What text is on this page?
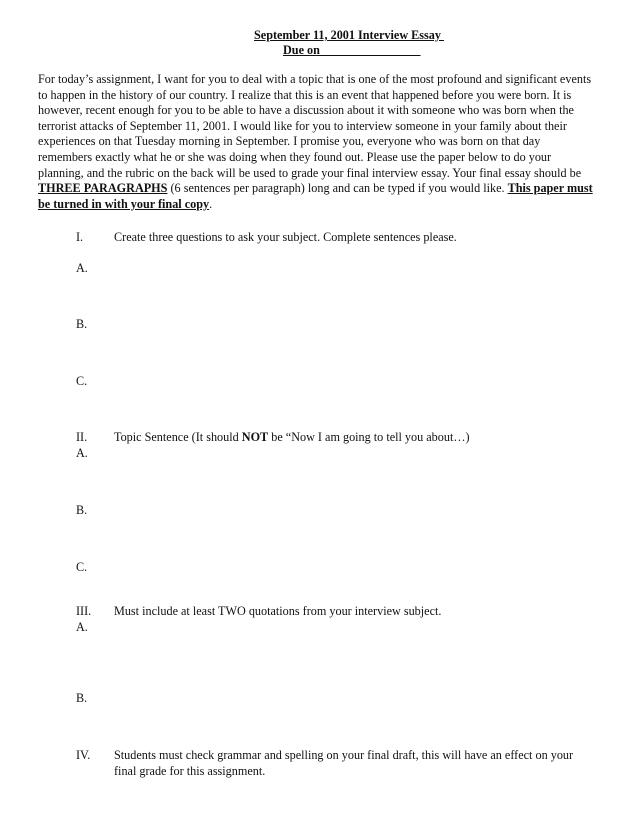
September 11, 2001 Interview Essay
Due on ________________
For today’s assignment, I want for you to deal with a topic that is one of the most profound and significant events
to happen in the history of our country. I realize that this is an event that happened before you were born. It is
however, recent enough for you to be able to have a discussion about it with someone who was born when the
terrorist attacks of September 11, 2001. I would like for you to interview someone in your family about their
experiences on that Tuesday morning in September. I promise you, everyone who was born on that day
remembers exactly what he or she was doing when they found out. Please use the paper below to do your
planning, and the rubric on the back will be used to grade your final interview essay. Your final essay should be
THREE PARAGRAPHS (6 sentences per paragraph) long and can be typed if you would like. This paper must
be turned in with your final copy.
I.	Create three questions to ask your subject. Complete sentences please.
A.
B.
C.
II. Topic Sentence (It should NOT be “Now I am going to tell you about…)
A.
B.
C.
III. Must include at least TWO quotations from your interview subject.
A.
B.
IV. Students must check grammar and spelling on your final draft, this will have an effect on your
final grade for this assignment.
